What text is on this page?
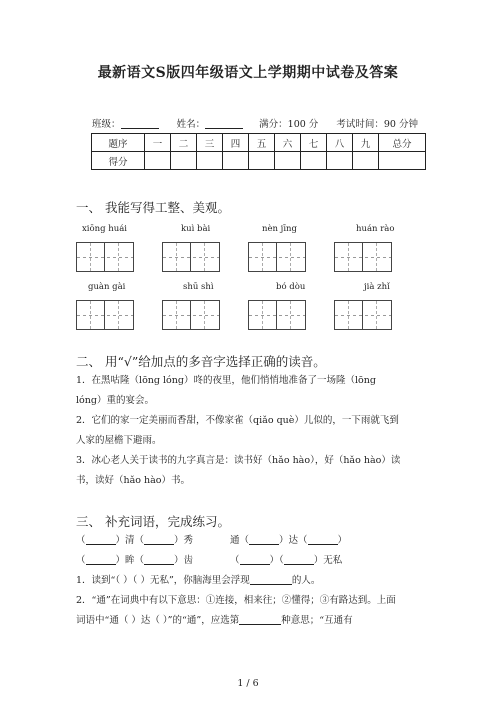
最新语文S版四年级语文上学期期中试卷及答案
班级：	姓名：	满分：100 分 考试时间：90 分钟
题序	一	二	三	四	五	六	七	八	九	总分
得分										
一、 我能写得工整、美观。
xiōng huái	kuì bài	nèn jīng	huán rào
guàn gài	shū shì	bó dòu	jià zhǐ
二、 用“√”给加点的多音字选择正确的读音。
1．在黑咕隆（lōng lóng）咚的夜里，他们悄悄地准备了一场隆（lōng
lóng）重的宴会。
2．它们的家一定美丽而香甜，不像家雀（qiǎo què）儿似的，一下雨就飞到
人家的屋檐下避雨。
3．冰心老人关于读书的九字真言是：读书好（hǎo hào），好（hǎo hào）读
书，读好（hǎo hào）书。
三、 补充词语，完成练习。
（	）清（	）秀	通（	）达（	）
（	）眸（	）齿	（	）（	）无私
1．读到“（ ）（ ）无私”，你脑海里会浮现	的人。
2．“通”在词典中有以下意思：①连接，相来往；②懂得；③有路达到。上面
词语中“通（ ）达（ ）”的“通”，应选第	种意思；“互通有
1 / 6
